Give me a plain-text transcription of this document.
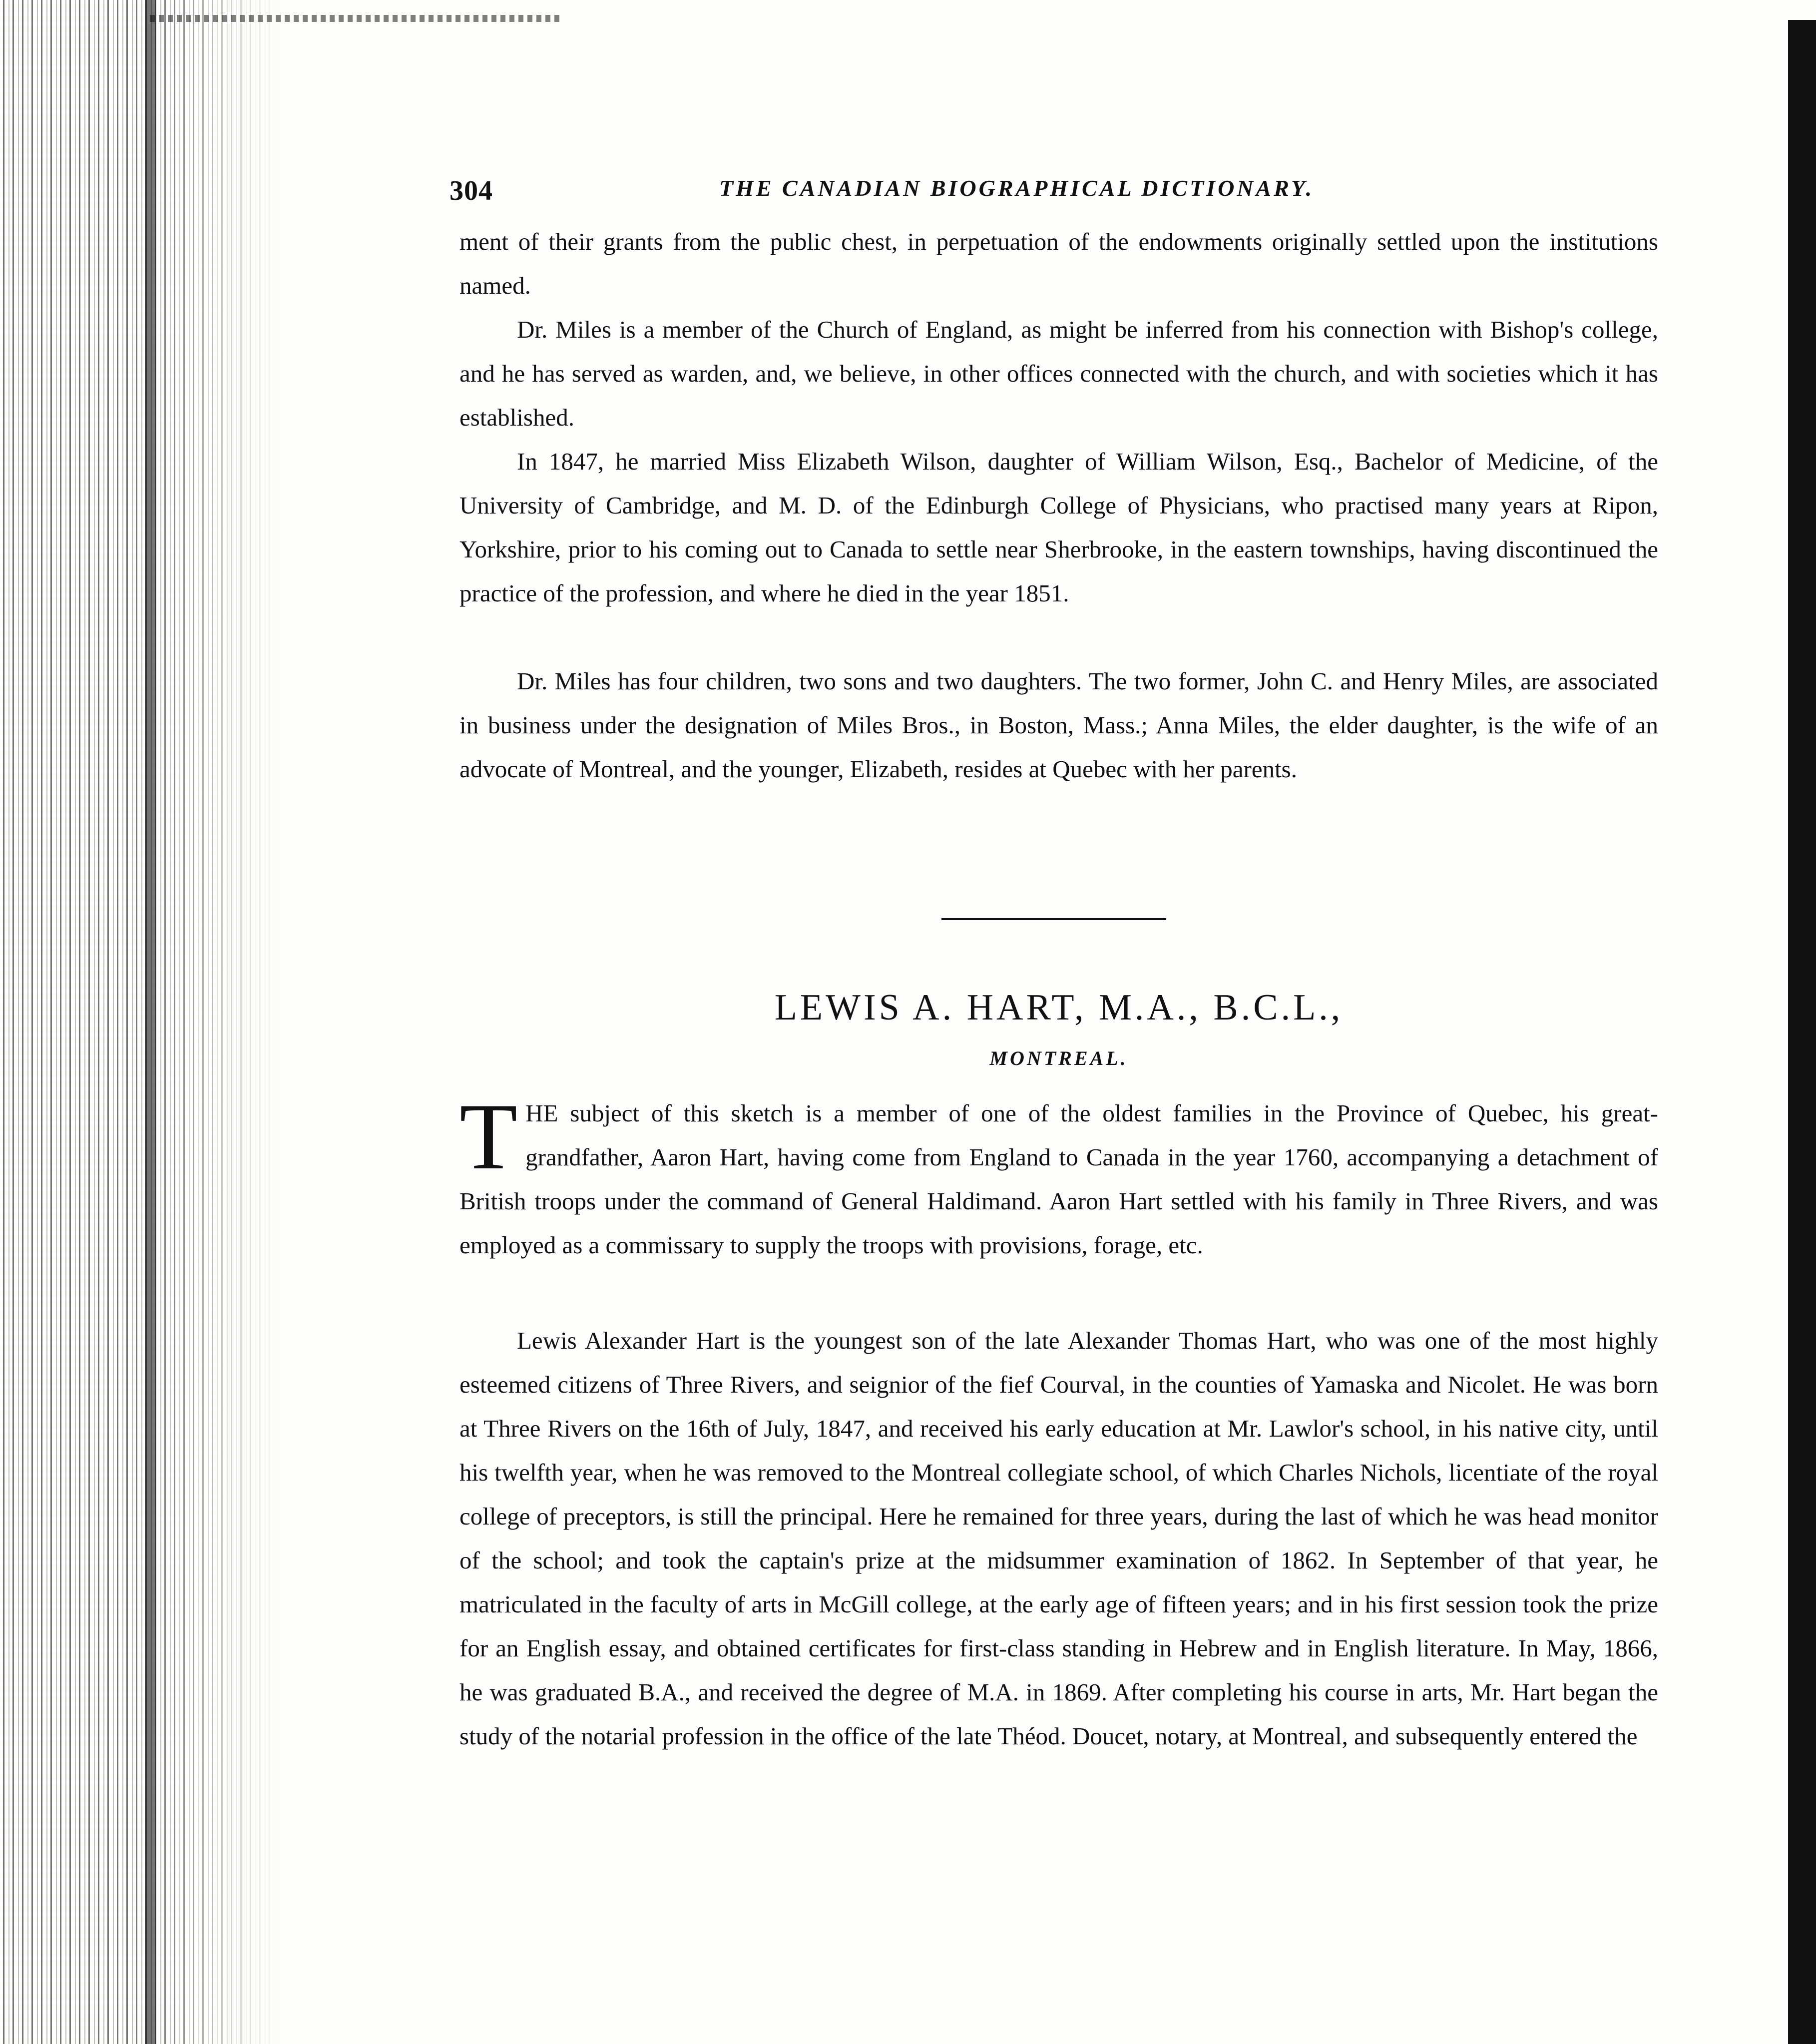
304	THE CANADIAN BIOGRAPHICAL DICTIONARY.

ment of their grants from the public chest, in perpetuation of the endowments originally settled upon the institutions named.

Dr. Miles is a member of the Church of England, as might be inferred from his connection with Bishop's college, and he has served as warden, and, we believe, in other offices connected with the church, and with societies which it has established.

In 1847, he married Miss Elizabeth Wilson, daughter of William Wilson, Esq., Bachelor of Medicine, of the University of Cambridge, and M. D. of the Edinburgh College of Physicians, who practised many years at Ripon, Yorkshire, prior to his coming out to Canada to settle near Sherbrooke, in the eastern townships, having discontinued the practice of the profession, and where he died in the year 1851.

Dr. Miles has four children, two sons and two daughters. The two former, John C. and Henry Miles, are associated in business under the designation of Miles Bros., in Boston, Mass.; Anna Miles, the elder daughter, is the wife of an advocate of Montreal, and the younger, Elizabeth, resides at Quebec with her parents.

LEWIS A. HART, M.A., B.C.L.,
MONTREAL.

T HE subject of this sketch is a member of one of the oldest families in the Province of Quebec, his great-grandfather, Aaron Hart, having come from England to Canada in the year 1760, accompanying a detachment of British troops under the command of General Haldimand. Aaron Hart settled with his family in Three Rivers, and was employed as a commissary to supply the troops with provisions, forage, etc.

Lewis Alexander Hart is the youngest son of the late Alexander Thomas Hart, who was one of the most highly esteemed citizens of Three Rivers, and seignior of the fief Courval, in the counties of Yamaska and Nicolet. He was born at Three Rivers on the 16th of July, 1847, and received his early education at Mr. Lawlor's school, in his native city, until his twelfth year, when he was removed to the Montreal collegiate school, of which Charles Nichols, licentiate of the royal college of preceptors, is still the principal. Here he remained for three years, during the last of which he was head monitor of the school; and took the captain's prize at the midsummer examination of 1862. In September of that year, he matriculated in the faculty of arts in McGill college, at the early age of fifteen years; and in his first session took the prize for an English essay, and obtained certificates for first-class standing in Hebrew and in English literature. In May, 1866, he was graduated B.A., and received the degree of M.A. in 1869. After completing his course in arts, Mr. Hart began the study of the notarial profession in the office of the late Théod. Doucet, notary, at Montreal, and subsequently entered the
